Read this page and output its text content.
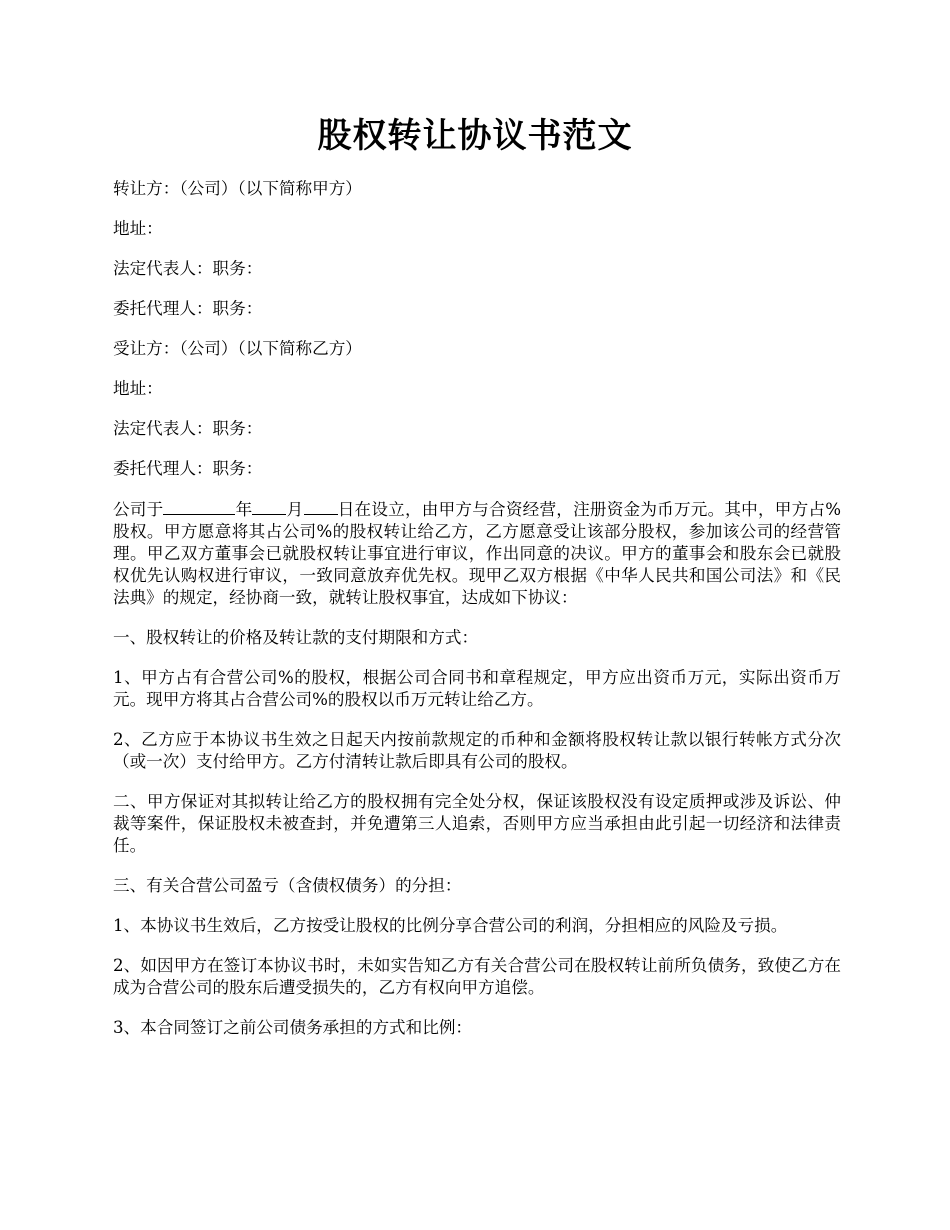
股权转让协议书范文

转让方：（公司）（以下简称甲方）

地址：

法定代表人：职务：

委托代理人：职务：

受让方：（公司）（以下简称乙方）

地址：

法定代表人：职务：

委托代理人：职务：

公司于	年 月 日在设立，由甲方与合资经营，注册资金为币万元。其中，甲方占%股权。甲方愿意将其占公司%的股权转让给乙方，乙方愿意受让该部分股权，参加该公司的经营管理。甲乙双方董事会已就股权转让事宜进行审议，作出同意的决议。甲方的董事会和股东会已就股权优先认购权进行审议，一致同意放弃优先权。现甲乙双方根据《中华人民共和国公司法》和《民法典》的规定，经协商一致，就转让股权事宜，达成如下协议：

一、股权转让的价格及转让款的支付期限和方式：

1、甲方占有合营公司%的股权，根据公司合同书和章程规定，甲方应出资币万元，实际出资币万元。现甲方将其占合营公司%的股权以币万元转让给乙方。

2、乙方应于本协议书生效之日起天内按前款规定的币种和金额将股权转让款以银行转帐方式分次（或一次）支付给甲方。乙方付清转让款后即具有公司的股权。

二、甲方保证对其拟转让给乙方的股权拥有完全处分权，保证该股权没有设定质押或涉及诉讼、仲裁等案件，保证股权未被查封，并免遭第三人追索，否则甲方应当承担由此引起一切经济和法律责任。

三、有关合营公司盈亏（含债权债务）的分担：

1、本协议书生效后，乙方按受让股权的比例分享合营公司的利润，分担相应的风险及亏损。

2、如因甲方在签订本协议书时，未如实告知乙方有关合营公司在股权转让前所负债务，致使乙方在成为合营公司的股东后遭受损失的，乙方有权向甲方追偿。

3、本合同签订之前公司债务承担的方式和比例：
